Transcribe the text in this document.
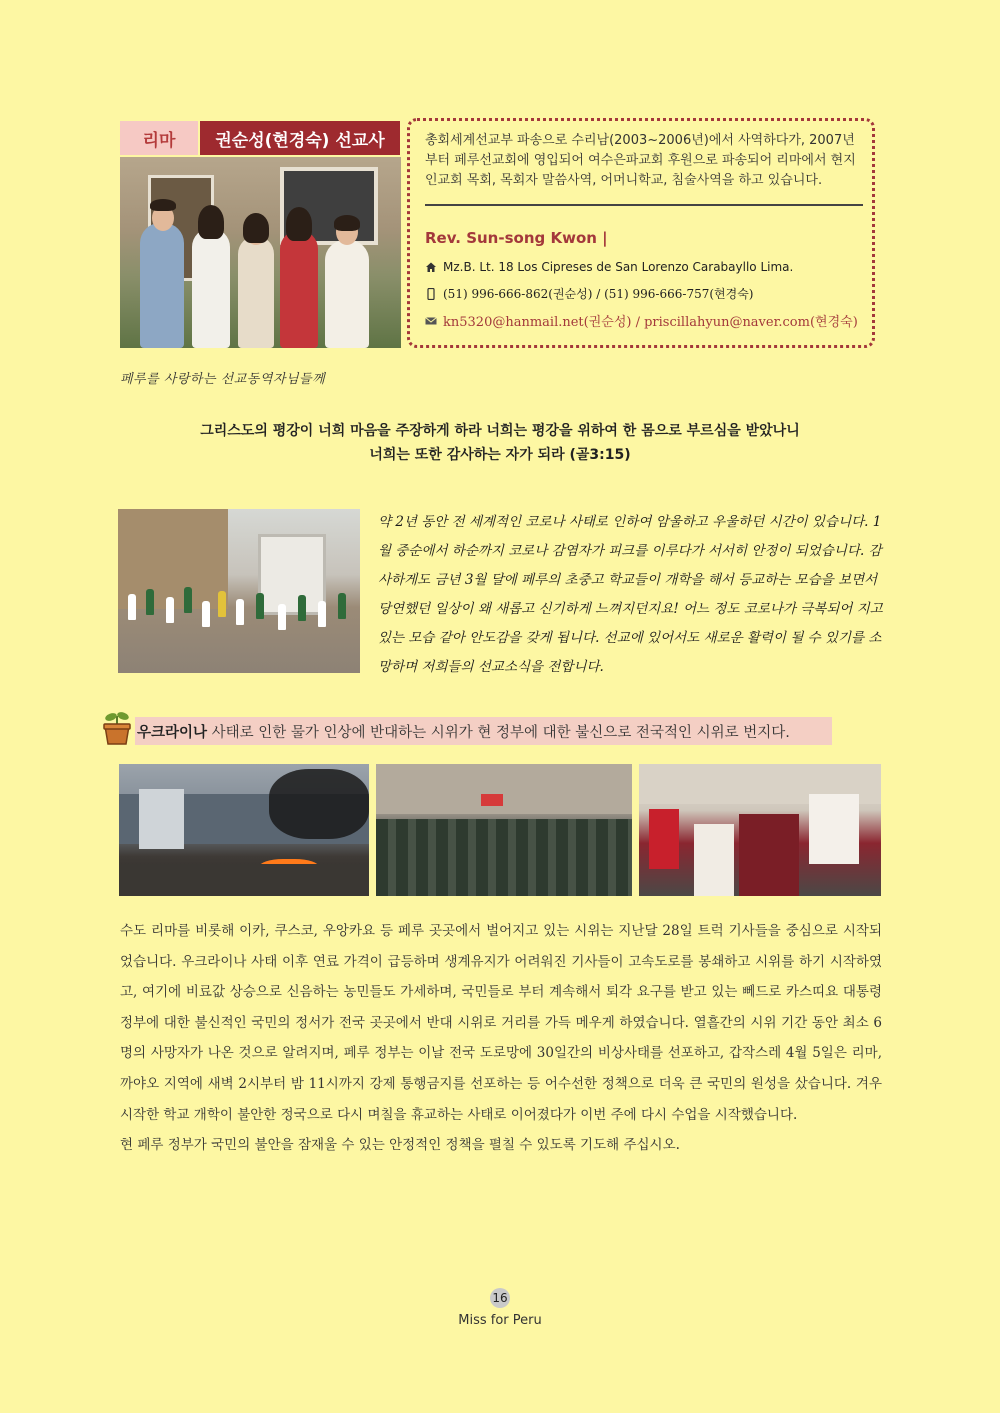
리마	권순성(현경숙) 선교사	총회세계선교부 파송으로 수리남(2003~2006년)에서 사역하다가, 2007년부터 페루선교회에 영입되어 여수은파교회 후원으로 파송되어 리마에서 현지인교회 목회, 목회자 말씀사역, 어머니학교, 침술사역을 하고 있습니다.
Rev. Sun-song Kwon |
Mz.B. Lt. 18 Los Cipreses de San Lorenzo Carabayllo Lima.
(51) 996-666-862(권순성) / (51) 996-666-757(현경숙)
kn5320@hanmail.net(권순성) / priscillahyun@naver.com(현경숙)
페루를 사랑하는 선교동역자님들께
그리스도의 평강이 너희 마음을 주장하게 하라 너희는 평강을 위하여 한 몸으로 부르심을 받았나니
너희는 또한 감사하는 자가 되라 (골3:15)
약 2년 동안 전 세계적인 코로나 사태로 인하여 암울하고 우울하던 시간이 있습니다. 1월 중순에서 하순까지 코로나 감염자가 피크를 이루다가 서서히 안정이 되었습니다. 감사하게도 금년 3월 달에 페루의 초중고 학교들이 개학을 해서 등교하는 모습을 보면서 당연했던 일상이 왜 새롭고 신기하게 느껴지던지요! 어느 정도 코로나가 극복되어 지고 있는 모습 같아 안도감을 갖게 됩니다. 선교에 있어서도 새로운 활력이 될 수 있기를 소망하며 저희들의 선교소식을 전합니다.
우크라이나 사태로 인한 물가 인상에 반대하는 시위가 현 정부에 대한 불신으로 전국적인 시위로 번지다.

수도 리마를 비롯해 이카, 쿠스코, 우앙카요 등 페루 곳곳에서 벌어지고 있는 시위는 지난달 28일 트럭 기사들을 중심으로 시작되었습니다. 우크라이나 사태 이후 연료 가격이 급등하며 생계유지가 어려워진 기사들이 고속도로를 봉쇄하고 시위를 하기 시작하였고, 여기에 비료값 상승으로 신음하는 농민들도 가세하며, 국민들로 부터 계속해서 퇴각 요구를 받고 있는 뻬드로 카스띠요 대통령 정부에 대한 불신적인 국민의 정서가 전국 곳곳에서 반대 시위로 거리를 가득 메우게 하였습니다. 열흘간의 시위 기간 동안 최소 6명의 사망자가 나온 것으로 알려지며, 페루 정부는 이날 전국 도로망에 30일간의 비상사태를 선포하고, 갑작스레 4월 5일은 리마, 까야오 지역에 새벽 2시부터 밤 11시까지 강제 통행금지를 선포하는 등 어수선한 정책으로 더욱 큰 국민의 원성을 샀습니다. 겨우 시작한 학교 개학이 불안한 정국으로 다시 며칠을 휴교하는 사태로 이어졌다가 이번 주에 다시 수업을 시작했습니다.

현 페루 정부가 국민의 불안을 잠재울 수 있는 안정적인 정책을 펼칠 수 있도록 기도해 주십시오.

16
Miss for Peru
